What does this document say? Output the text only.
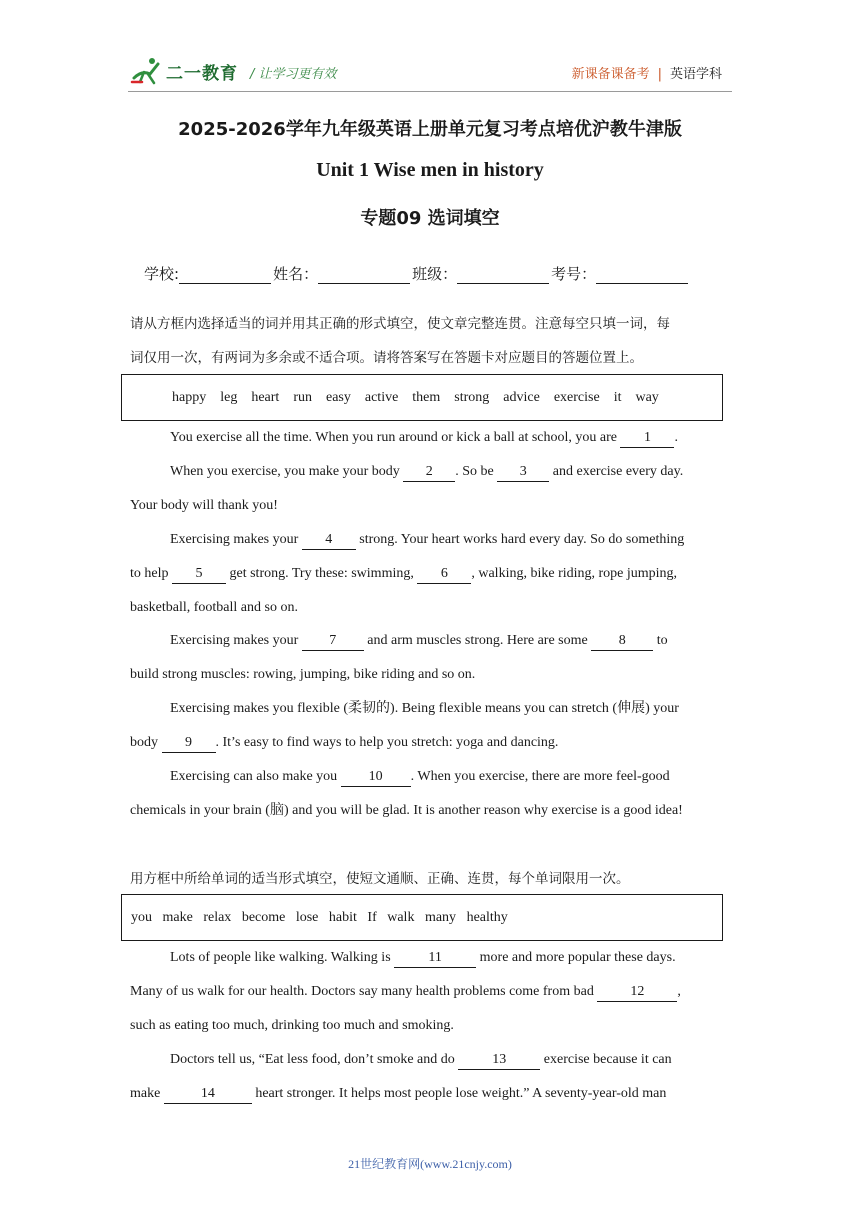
二一教育 / 让学习更有效	新课备课备考 | 英语学科
2025-2026学年九年级英语上册单元复习考点培优沪教牛津版
Unit 1 Wise men in history
专题09 选词填空
学校:	姓名：	班级：	考号：
请从方框内选择适当的词并用其正确的形式填空，使文章完整连贯。注意每空只填一词，每
词仅用一次，有两词为多余或不适合项。请将答案写在答题卡对应题目的答题位置上。
happy
leg
heart
run
easy
active
them
strong
advice
exercise
it
way
You exercise all the time. When you run around or kick a ball at school, you are 1 .
When you exercise, you make your body 2 . So be 3 and exercise every day.
Your body will thank you!
Exercising makes your 4 strong. Your heart works hard every day. So do something
to help 5 get strong. Try these: swimming, 6 , walking, bike riding, rope jumping,
basketball, football and so on.
Exercising makes your 7 and arm muscles strong. Here are some 8 to
build strong muscles: rowing, jumping, bike riding and so on.
Exercising makes you flexible (柔韧的). Being flexible means you can stretch (伸展) your
body 9 . It’s easy to find ways to help you stretch: yoga and dancing.
Exercising can also make you 10 . When you exercise, there are more feel-good
chemicals in your brain (脑) and you will be glad. It is another reason why exercise is a good idea!
用方框中所给单词的适当形式填空，使短文通顺、正确、连贯，每个单词限用一次。
you
make
relax
become
lose
habit
If
walk
many
healthy
Lots of people like walking. Walking is 11 more and more popular these days.
Many of us walk for our health. Doctors say many health problems come from bad 12 ,
such as eating too much, drinking too much and smoking.
Doctors tell us, “Eat less food, don’t smoke and do 13 exercise because it can
make	14	heart stronger. It helps most people lose weight.” A seventy-year-old man
21世纪教育网(www.21cnjy.com)
